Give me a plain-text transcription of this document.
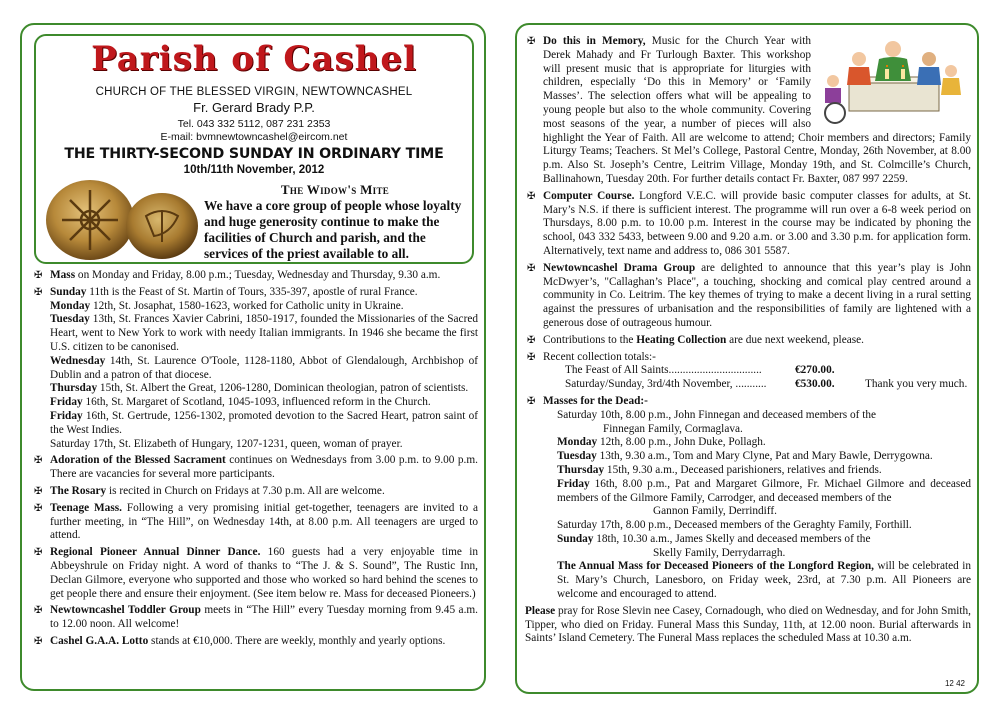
Parish of Cashel
CHURCH OF THE BLESSED VIRGIN, NEWTOWNCASHEL
Fr. Gerard Brady P.P.
Tel. 043 332 5112, 087 231 2353
E-mail: bvmnewtowncashel@eircom.net
THE THIRTY-SECOND SUNDAY IN ORDINARY TIME
10th/11th November, 2012
The Widow's Mite
We have a core group of people whose loyalty and huge generosity continue to make the facilities of Church and parish, and the services of the priest available to all.

✠ Mass on Monday and Friday, 8.00 p.m.; Tuesday, Wednesday and Thursday, 9.30 a.m.

✠ Sunday 11th is the Feast of St. Martin of Tours, 335-397, apostle of rural France.

Monday 12th, St. Josaphat, 1580-1623, worked for Catholic unity in Ukraine.

Tuesday 13th, St. Frances Xavier Cabrini, 1850-1917, founded the Missionaries of the Sacred Heart, went to New York to work with needy Italian immigrants. In 1946 she became the first U.S. citizen to be canonised.

Wednesday 14th, St. Laurence O'Toole, 1128-1180, Abbot of Glendalough, Archbishop of Dublin and a patron of that diocese.

Thursday 15th, St. Albert the Great, 1206-1280, Dominican theologian, patron of scientists.

Friday 16th, St. Margaret of Scotland, 1045-1093, influenced reform in the Church.

Friday 16th, St. Gertrude, 1256-1302, promoted devotion to the Sacred Heart, patron saint of the West Indies.

Saturday 17th, St. Elizabeth of Hungary, 1207-1231, queen, woman of prayer.

✠ Adoration of the Blessed Sacrament continues on Wednesdays from 3.00 p.m. to 9.00 p.m. There are vacancies for several more participants.

✠ The Rosary is recited in Church on Fridays at 7.30 p.m. All are welcome.

✠ Teenage Mass. Following a very promising initial get-together, teenagers are invited to a further meeting, in “The Hill”, on Wednesday 14th, at 8.00 p.m. All teenagers are urged to attend.

✠ Regional Pioneer Annual Dinner Dance. 160 guests had a very enjoyable time in Abbeyshrule on Friday night. A word of thanks to “The J. & S. Sound”, The Rustic Inn, Declan Gilmore, everyone who supported and those who worked so hard behind the scenes to get people there and ensure their enjoyment. (See item below re. Mass for deceased Pioneers.)

✠ Newtowncashel Toddler Group meets in “The Hill” every Tuesday morning from 9.45 a.m. to 12.00 noon. All welcome!

✠ Cashel G.A.A. Lotto stands at €10,000. There are weekly, monthly and yearly options.

✠ Do this in Memory, Music for the Church Year with Derek Mahady and Fr Turlough Baxter. This workshop will present music that is appropriate for liturgies with children, especially ‘Do this in Memory’ or ‘Family Masses’. The selection offers what will be appealing to young people but also to the whole community. Covering most seasons of the year, a number of pieces will also highlight the Year of Faith. All are welcome to attend; Choir members and directors; Family Liturgy Teams; Teachers. St Mel’s College, Pastoral Centre, Monday, 26th November, at 8.00 p.m. Also St. Joseph’s Centre, Leitrim Village, Monday 19th, and St. Colmcille’s Church, Ballinahown, Tuesday 20th. For further details contact Fr. Baxter, 087 997 2259.

✠ Computer Course. Longford V.E.C. will provide basic computer classes for adults, at St. Mary’s N.S. if there is sufficient interest. The programme will run over a 6-8 week period on Thursdays, 8.00 p.m. to 10.00 p.m. Interest in the course may be indicated by phoning the school, 043 332 5433, between 9.00 and 9.20 a.m. or 3.00 and 3.30 p.m. for application form. Alternatively, text name and address to, 086 301 5587.

✠ Newtowncashel Drama Group are delighted to announce that this year’s play is John McDwyer’s, "Callaghan’s Place", a touching, shocking and comical play centred around a community in Co. Leitrim. The key themes of trying to make a decent living in a rural setting against the pressures of urbanisation and the responsibilities of family are lightened with a generous dose of outrageous humour.

✠ Contributions to the Heating Collection are due next weekend, please.

✠ Recent collection totals:-

The Feast of All Saints.................................	€270.00.
Saturday/Sunday, 3rd/4th November, ...........	€530.00.	Thank you very much.

✠ Masses for the Dead:-

Saturday 10th, 8.00 p.m., John Finnegan and deceased members of the

Finnegan Family, Cormaglava.

Monday 12th, 8.00 p.m., John Duke, Pollagh.

Tuesday 13th, 9.30 a.m., Tom and Mary Clyne, Pat and Mary Bawle, Derrygowna.

Thursday 15th, 9.30 a.m., Deceased parishioners, relatives and friends.

Friday 16th, 8.00 p.m., Pat and Margaret Gilmore, Fr. Michael Gilmore and deceased members of the Gilmore Family, Carrodger, and deceased members of the

Gannon Family, Derrindiff.

Saturday 17th, 8.00 p.m., Deceased members of the Geraghty Family, Forthill.

Sunday 18th, 10.30 a.m., James Skelly and deceased members of the

Skelly Family, Derrydarragh.

The Annual Mass for Deceased Pioneers of the Longford Region, will be celebrated in St. Mary’s Church, Lanesboro, on Friday week, 23rd, at 7.30 p.m. All Pioneers are welcome and encouraged to attend.

Please pray for Rose Slevin nee Casey, Cornadough, who died on Wednesday, and for John Smith, Tipper, who died on Friday. Funeral Mass this Sunday, 11th, at 12.00 noon. Burial afterwards in Saints’ Island Cemetery. The Funeral Mass replaces the scheduled Mass at 10.30 a.m.

12 42
